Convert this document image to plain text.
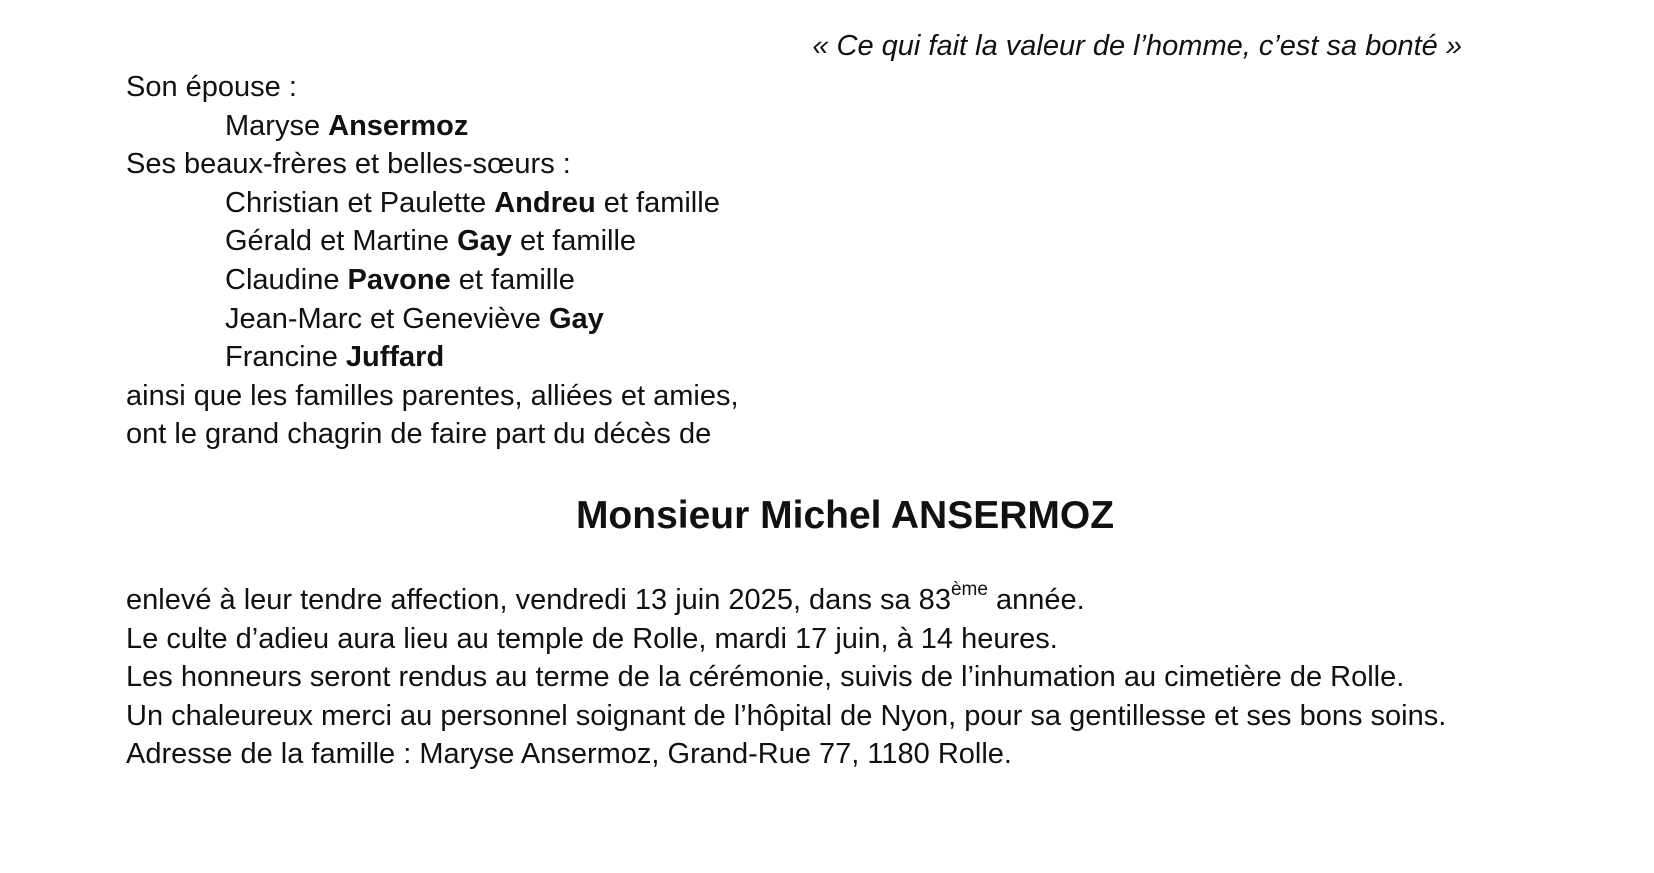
« Ce qui fait la valeur de l’homme, c’est sa bonté »
Son épouse :
Maryse Ansermoz
Ses beaux-frères et belles-sœurs :
Christian et Paulette Andreu et famille
Gérald et Martine Gay et famille
Claudine Pavone et famille
Jean-Marc et Geneviève Gay
Francine Juffard
ainsi que les familles parentes, alliées et amies,
ont le grand chagrin de faire part du décès de
Monsieur Michel ANSERMOZ
enlevé à leur tendre affection, vendredi 13 juin 2025, dans sa 83ème année.
Le culte d’adieu aura lieu au temple de Rolle, mardi 17 juin, à 14 heures.
Les honneurs seront rendus au terme de la cérémonie, suivis de l’inhumation au cimetière de Rolle.
Un chaleureux merci au personnel soignant de l’hôpital de Nyon, pour sa gentillesse et ses bons soins.
Adresse de la famille : Maryse Ansermoz, Grand-Rue 77, 1180 Rolle.
